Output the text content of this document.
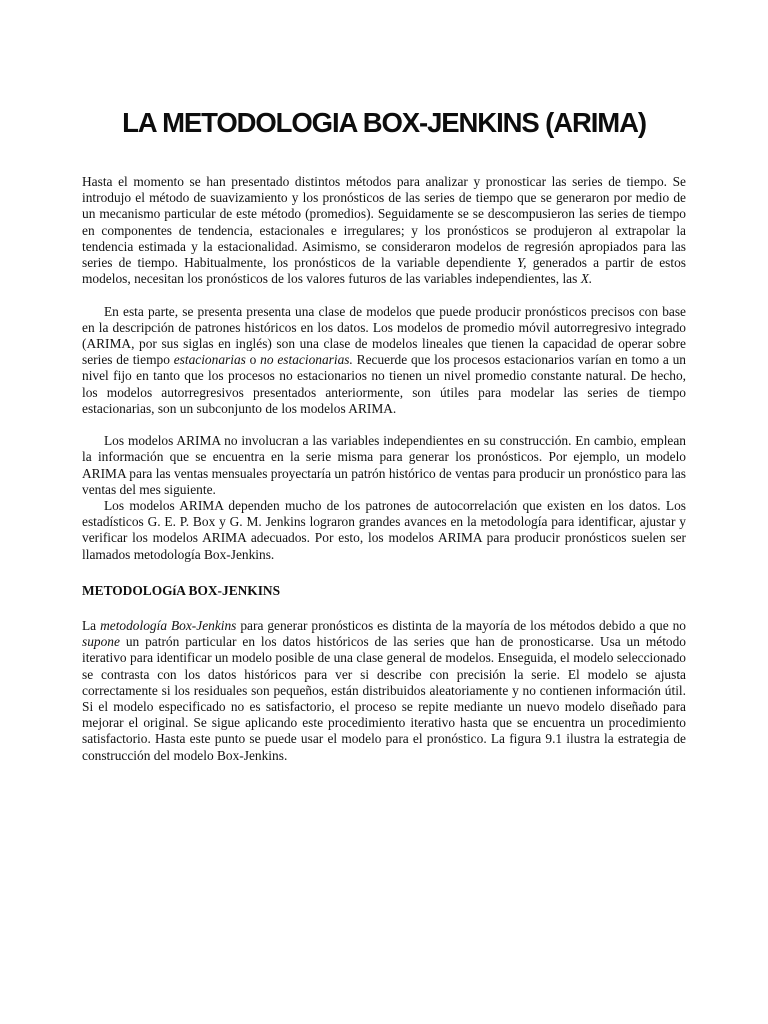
LA METODOLOGIA BOX-JENKINS (ARIMA)

Hasta el momento se han presentado distintos métodos para analizar y pronosticar las series de tiempo. Se introdujo el método de suavizamiento y los pronósticos de las series de tiempo que se generaron por medio de un mecanismo particular de este método (promedios). Seguidamente se se descompusieron las series de tiempo en componentes de tendencia, estacionales e irregulares; y los pronósticos se produjeron al extrapolar la tendencia estimada y la estacionalidad. Asimismo, se consideraron modelos de regresión apropiados para las series de tiempo. Habitualmente, los pronósticos de la variable dependiente Y, generados a partir de estos modelos, necesitan los pronósticos de los valores futuros de las variables independientes, las X.

En esta parte, se presenta presenta una clase de modelos que puede producir pronósticos precisos con base en la descripción de patrones históricos en los datos. Los modelos de promedio móvil autorregresivo integrado (ARIMA, por sus siglas en inglés) son una clase de modelos lineales que tienen la capacidad de operar sobre series de tiempo estacionarias o no estacionarias. Recuerde que los procesos estacionarios varían en tomo a un nivel fijo en tanto que los procesos no estacionarios no tienen un nivel promedio constante natural. De hecho, los modelos autorregresivos presentados anteriormente, son útiles para modelar las series de tiempo estacionarias, son un subconjunto de los modelos ARIMA.

Los modelos ARIMA no involucran a las variables independientes en su construcción. En cambio, emplean la información que se encuentra en la serie misma para generar los pronósticos. Por ejemplo, un modelo ARIMA para las ventas mensuales proyectaría un patrón histórico de ventas para producir un pronóstico para las ventas del mes siguiente.

Los modelos ARIMA dependen mucho de los patrones de autocorrelación que existen en los datos. Los estadísticos G. E. P. Box y G. M. Jenkins lograron grandes avances en la metodología para identificar, ajustar y verificar los modelos ARIMA adecuados. Por esto, los modelos ARIMA para producir pronósticos suelen ser llamados metodología Box-Jenkins.

METODOLOGíA BOX-JENKINS

La metodología Box-Jenkins para generar pronósticos es distinta de la mayoría de los métodos debido a que no supone un patrón particular en los datos históricos de las series que han de pronosticarse. Usa un método iterativo para identificar un modelo posible de una clase general de modelos. Enseguida, el modelo seleccionado se contrasta con los datos históricos para ver si describe con precisión la serie. El modelo se ajusta correctamente si los residuales son pequeños, están distribuidos aleatoriamente y no contienen información útil. Si el modelo especificado no es satisfactorio, el proceso se repite mediante un nuevo modelo diseñado para mejorar el original. Se sigue aplicando este procedimiento iterativo hasta que se encuentra un procedimiento satisfactorio. Hasta este punto se puede usar el modelo para el pronóstico. La figura 9.1 ilustra la estrategia de construcción del modelo Box-Jenkins.
